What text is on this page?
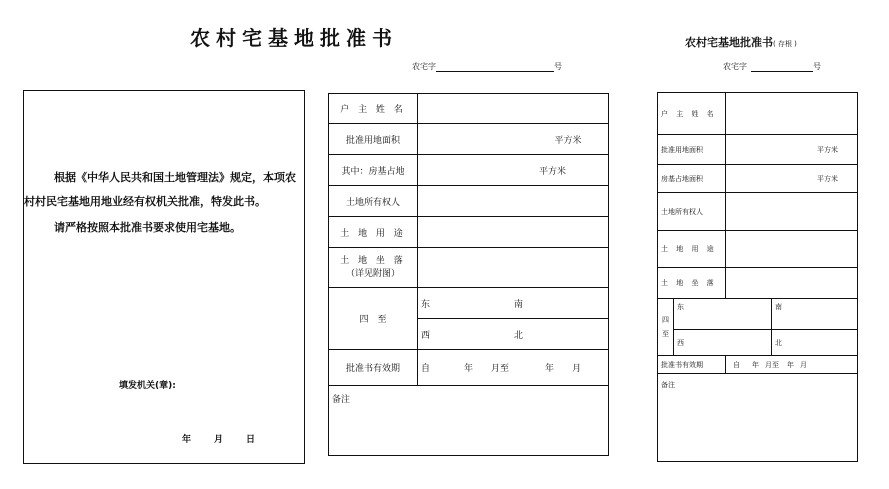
农村宅基地批准书	农村宅基地批准书( 存根 )
农宅字	号	农宅字	号

根据《中华人民共和国土地管理法》规定，本项农村村民宅基地用地业经有权机关批准，特发此书。

请严格按照本批准书要求使用宅基地。

填发机关(章):
年	月	日
户 主 姓 名	
批准用地面积	平方米
其中：房基占地	平方米
土地所有权人	
土 地 用 途	

土 地 坐 落
（详见附图）	

四　至	东 南
	西 北
批准书有效期	自 年 月至 年 月
备注	
户 主 姓 名			
批准用地面积		平方米	
房基占地面积		平方米	
土地所有权人			
土 地 用 途			
土 地 坐 落			

四
至	东		南
	西		北
批准书有效期		自 年 月至 年 月	
备注			
